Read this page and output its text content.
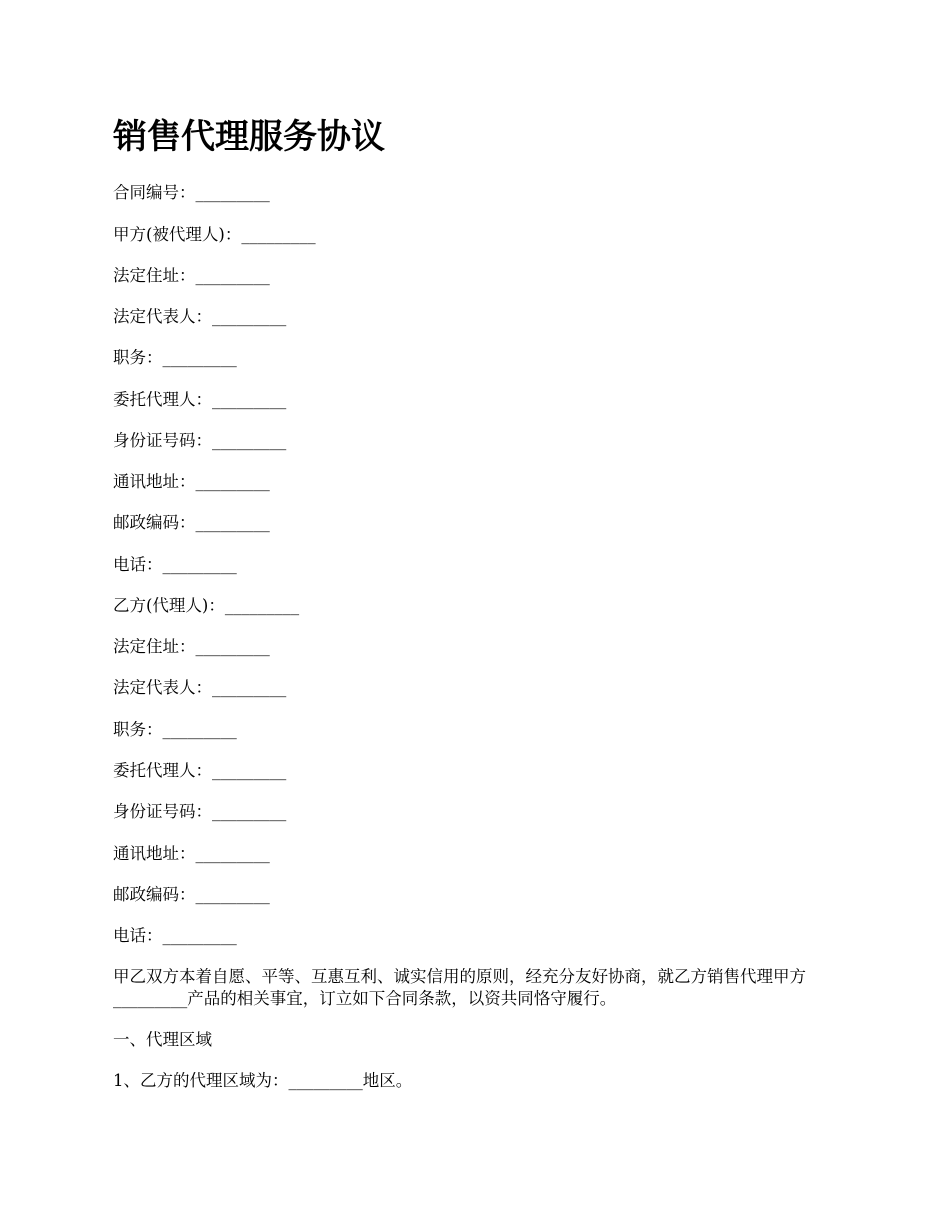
销售代理服务协议
合同编号：_________
甲方(被代理人)：_________
法定住址：_________
法定代表人：_________
职务：_________
委托代理人：_________
身份证号码：_________
通讯地址：_________
邮政编码：_________
电话：_________
乙方(代理人)：_________
法定住址：_________
法定代表人：_________
职务：_________
委托代理人：_________
身份证号码：_________
通讯地址：_________
邮政编码：_________
电话：_________
甲乙双方本着自愿、平等、互惠互利、诚实信用的原则，经充分友好协商，就乙方销售代理甲方_________产品的相关事宜，订立如下合同条款，以资共同恪守履行。
一、代理区域
1、乙方的代理区域为：_________地区。
